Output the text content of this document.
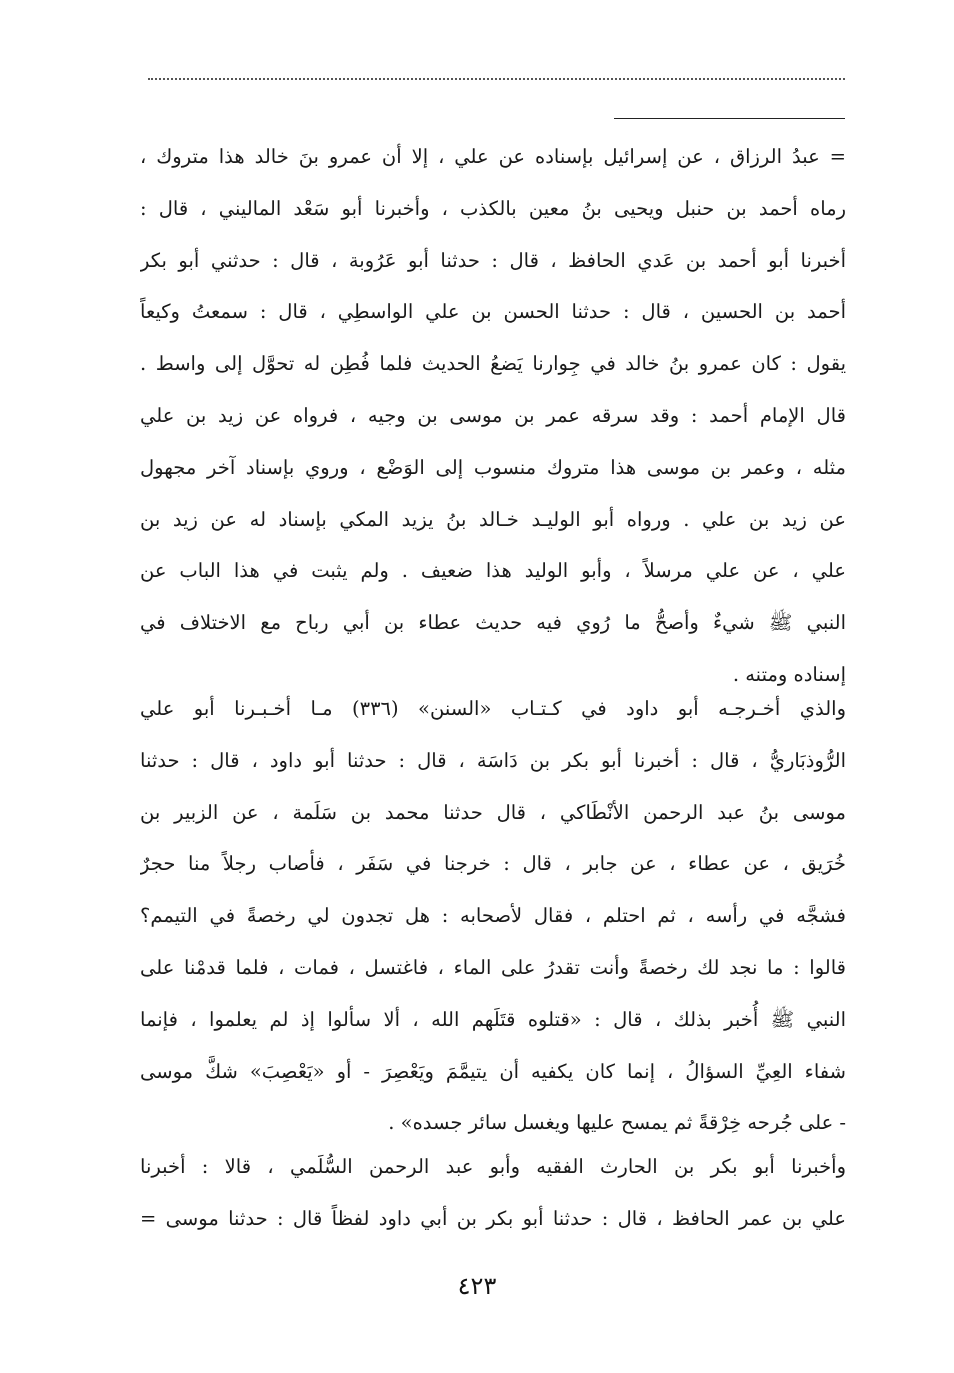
= عبدُ الرزاق ، عن إسرائيل بإسناده عن علي ، إلا أن عمرو بنَ خالد هذا متروك ،
رماه أحمد بن حنبل ويحيى بنُ معين بالكذب ، وأخبرنا أبو سَعْد الماليني ، قال :
أخبرنا أبو أحمد بن عَدي الحافظ ، قال : حدثنا أبو عَرُوبة ، قال : حدثني أبو بكر
أحمد بن الحسين ، قال : حدثنا الحسن بن علي الواسطِي ، قال : سمعتُ وكيعاً
يقول : كان عمرو بنُ خالد في جِوارنا يَضعُ الحديث فلما فُطِن له تحوَّل إلى واسط .
قال الإمام أحمد : وقد سرقه عمر بن موسى بن وجيه ، فرواه عن زيد بن علي
مثله ، وعمر بن موسى هذا متروك منسوب إلى الوَضْع ، وروي بإسناد آخر مجهول
عن زيد بن علي . ورواه أبو الوليـد خـالد بنُ يزيد المكي بإسناد له عن زيد بن
علي ، عن علي مرسلاً ، وأبو الوليد هذا ضعيف . ولم يثبت في هذا الباب عن
النبي ﷺ شيءٌ وأصحُّ ما رُوي فيه حديث عطاء بن أبي رباح مع الاختلاف في
إسناده ومتنه .
والذي أخـرجـه أبو داود في كـتـاب «السنن» (٣٣٦) مـا أخـبـرنا أبو علي
الرُّوذبَاريُّ ، قال : أخبرنا أبو بكر بن دَاسَة ، قال : حدثنا أبو داود ، قال : حدثنا
موسى بنُ عبد الرحمن الأنْطَاكي ، قال حدثنا محمد بن سَلَمة ، عن الزبير بن
خُرَيق ، عن عطاء ، عن جابر ، قال : خرجنا في سَفَر ، فأصاب رجلاً منا حجرٌ
فشجَّه في رأسه ، ثم احتلم ، فقال لأصحابه : هل تجدون لي رخصةً في التيمم؟
قالوا : ما نجد لك رخصةً وأنت تقدرُ على الماء ، فاغتسل ، فمات ، فلما قدمْنا على
النبي ﷺ أُخبر بذلك ، قال : «قتلوه قتَلَهم الله ، ألا سألوا إذ لم يعلموا ، فإنما
شفاء العِيِّ السؤالُ ، إنما كان يكفيه أن يتيمَّمَ ويَعْصِرَ - أو «يَعْصِبَ» شكَّ موسى
- على جُرحه خِرْقةً ثم يمسح عليها ويغسل سائر جسده» .
وأخبرنا أبو بكر بن الحارث الفقيه وأبو عبد الرحمن السُّلَمي ، قالا : أخبرنا
علي بن عمر الحافظ ، قال : حدثنا أبو بكر بن أبي داود لفظاً قال : حدثنا موسى =
٤٢٣
